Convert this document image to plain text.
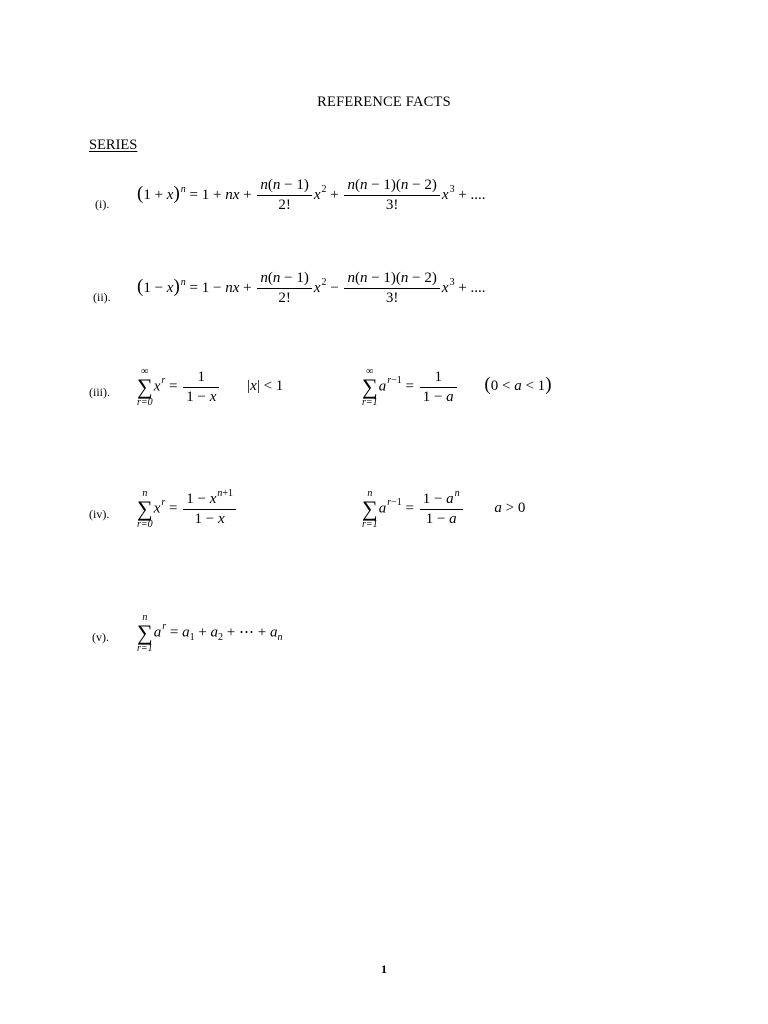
REFERENCE FACTS
SERIES
(i).
$(1 + x)^n = 1$ + nx + $\frac{n(n - 1)}{2!} x^2 + \frac{n(n - 1)(n - 2)}{3!} x^3$ + ....
(ii).
$(1 - x)^n = 1$ − nx + $\frac{n(n - 1)}{2!} x^2 - \frac{n(n - 1)(n - 2)}{3!} x^3$ + ....
(iii).
∞
∑
r=0
$x^r = \frac{1}{1 - x} |x| < 1$
∞
∑
r=1
$a^{r-1} = \frac{1}{1 - a} (0 < a < 1)$
(iv).
n
∑
r=0
$x^r = \frac{1 - x^{n+1}}{1 - x}$	n
∑
r=1
$a^{r-1} = \frac{1 - a^n}{1 - a}$ a > 0
(v).
n
∑
r=1
$a^r = a_1 + a_2$ + ⋯ + $a_n$
1
